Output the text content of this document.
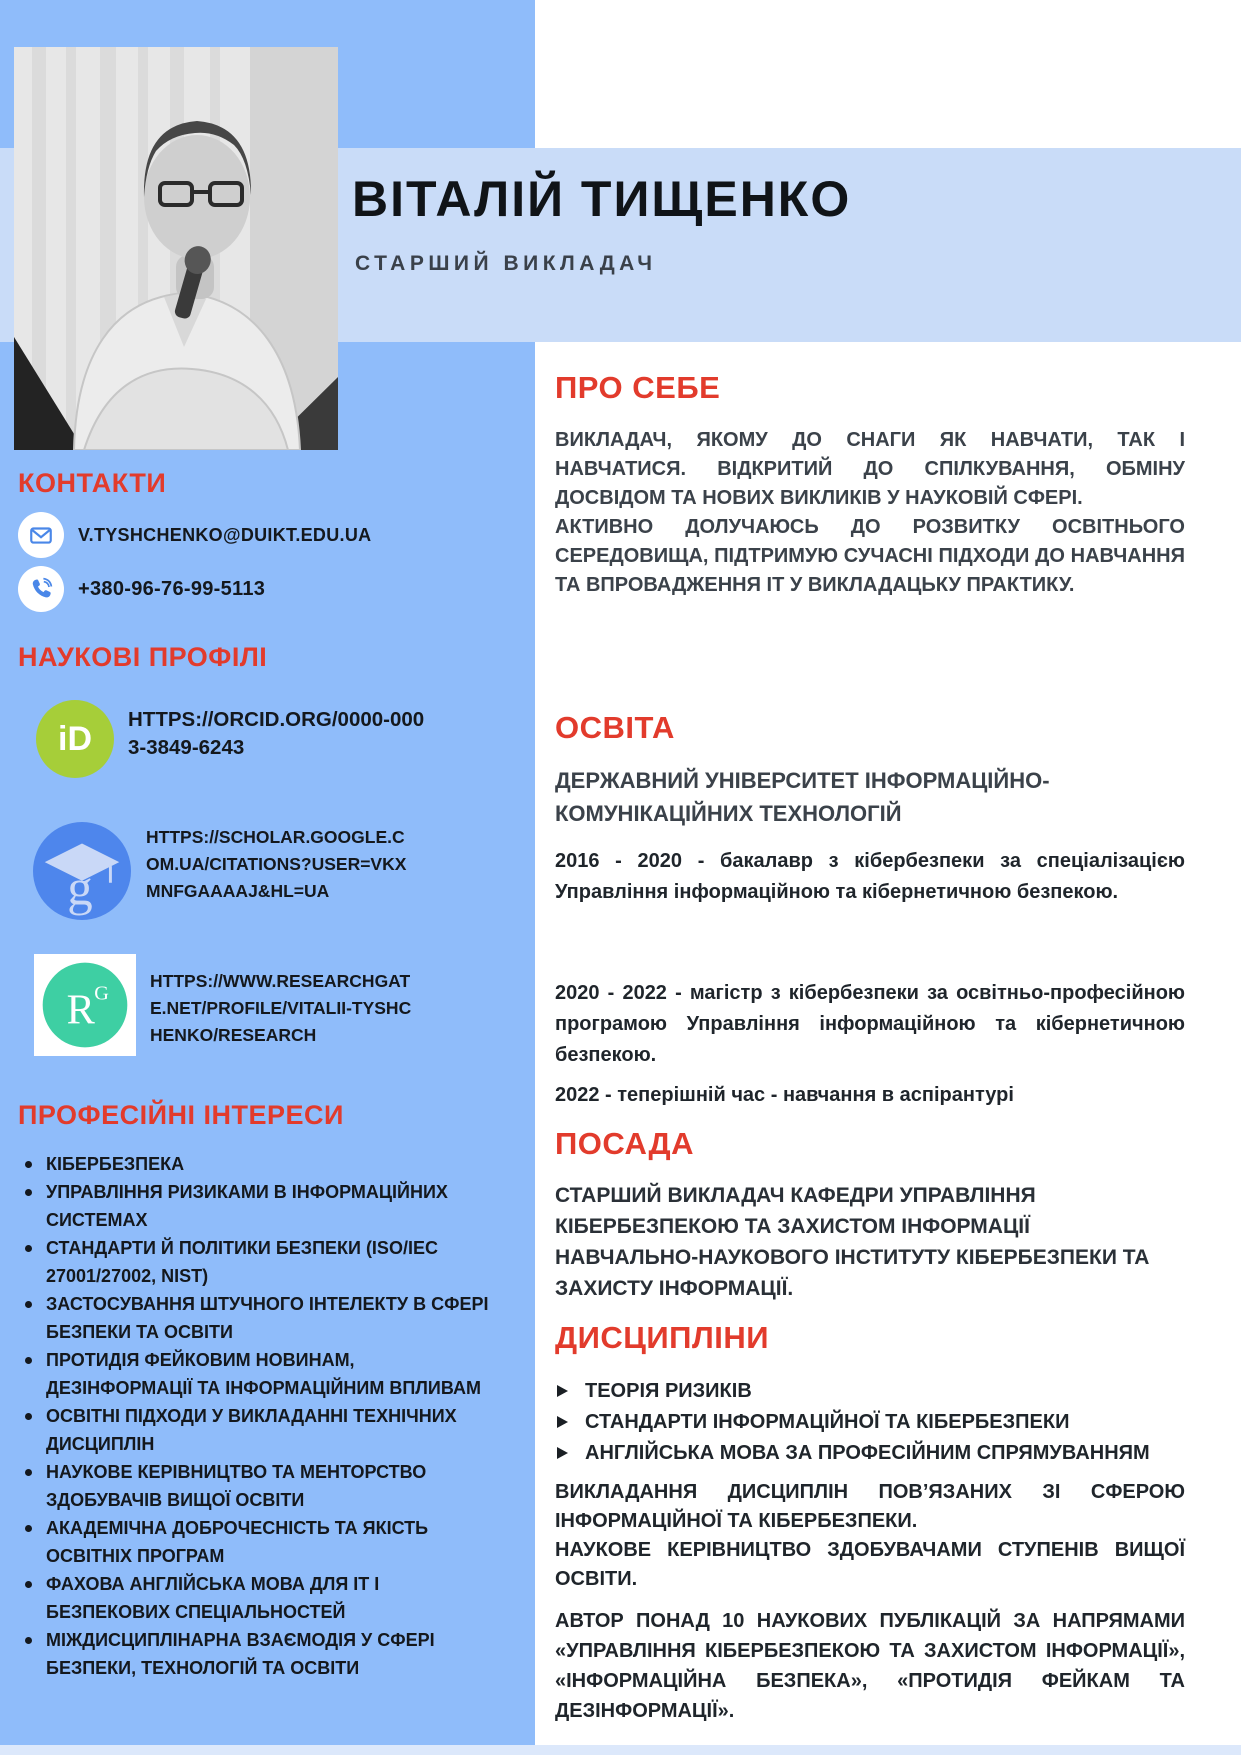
ВІТАЛІЙ ТИЩЕНКО
СТАРШИЙ ВИКЛАДАЧ
КОНТАКТИ
V.TYSHCHENKO@DUIKT.EDU.UA
+380-96-76-99-5113
НАУКОВІ ПРОФІЛІ
iD	HTTPS://ORCID.ORG/0000-0003-3849-6243
g
HTTPS://SCHOLAR.GOOGLE.COM.UA/CITATIONS?USER=VKXMNFGAAAAJ&HL=UA
R G
HTTPS://WWW.RESEARCHGATE.NET/PROFILE/VITALII-TYSHCHENKO/RESEARCH
ПРОФЕСІЙНІ ІНТЕРЕСИ
КІБЕРБЕЗПЕКА
УПРАВЛІННЯ РИЗИКАМИ В ІНФОРМАЦІЙНИХ СИСТЕМАХ
СТАНДАРТИ Й ПОЛІТИКИ БЕЗПЕКИ (ISO/IEC 27001/27002, NIST)
ЗАСТОСУВАННЯ ШТУЧНОГО ІНТЕЛЕКТУ В СФЕРІ БЕЗПЕКИ ТА ОСВІТИ
ПРОТИДІЯ ФЕЙКОВИМ НОВИНАМ, ДЕЗІНФОРМАЦІЇ ТА ІНФОРМАЦІЙНИМ ВПЛИВАМ
ОСВІТНІ ПІДХОДИ У ВИКЛАДАННІ ТЕХНІЧНИХ ДИСЦИПЛІН
НАУКОВЕ КЕРІВНИЦТВО ТА МЕНТОРСТВО ЗДОБУВАЧІВ ВИЩОЇ ОСВІТИ
АКАДЕМІЧНА ДОБРОЧЕСНІСТЬ ТА ЯКІСТЬ ОСВІТНІХ ПРОГРАМ
ФАХОВА АНГЛІЙСЬКА МОВА ДЛЯ ІТ І БЕЗПЕКОВИХ СПЕЦІАЛЬНОСТЕЙ
МІЖДИСЦИПЛІНАРНА ВЗАЄМОДІЯ У СФЕРІ БЕЗПЕКИ, ТЕХНОЛОГІЙ ТА ОСВІТИ
ПРО СЕБЕ

ВИКЛАДАЧ, ЯКОМУ ДО СНАГИ ЯК НАВЧАТИ, ТАК І НАВЧАТИСЯ. ВІДКРИТИЙ ДО СПІЛКУВАННЯ, ОБМІНУ ДОСВІДОМ ТА НОВИХ ВИКЛИКІВ У НАУКОВІЙ СФЕРІ.

АКТИВНО ДОЛУЧАЮСЬ ДО РОЗВИТКУ ОСВІТНЬОГО СЕРЕДОВИЩА, ПІДТРИМУЮ СУЧАСНІ ПІДХОДИ ДО НАВЧАННЯ ТА ВПРОВАДЖЕННЯ ІТ У ВИКЛАДАЦЬКУ ПРАКТИКУ.

ОСВІТА
ДЕРЖАВНИЙ УНІВЕРСИТЕТ ІНФОРМАЦІЙНО-КОМУНІКАЦІЙНИХ ТЕХНОЛОГІЙ

2016 - 2020 - бакалавр з кібербезпеки за спеціалізацією Управління інформаційною та кібернетичною безпекою.

2020 - 2022 - магістр з кібербезпеки за освітньо-професійною програмою Управління інформаційною та кібернетичною безпекою.

2022 - теперішній час - навчання в аспірантурі

ПОСАДА
СТАРШИЙ ВИКЛАДАЧ КАФЕДРИ УПРАВЛІННЯ КІБЕРБЕЗПЕКОЮ ТА ЗАХИСТОМ ІНФОРМАЦІЇ НАВЧАЛЬНО-НАУКОВОГО ІНСТИТУТУ КІБЕРБЕЗПЕКИ ТА ЗАХИСТУ ІНФОРМАЦІЇ.
ДИСЦИПЛІНИ
ТЕОРІЯ РИЗИКІВ
СТАНДАРТИ ІНФОРМАЦІЙНОЇ ТА КІБЕРБЕЗПЕКИ
АНГЛІЙСЬКА МОВА ЗА ПРОФЕСІЙНИМ СПРЯМУВАННЯМ

ВИКЛАДАННЯ ДИСЦИПЛІН ПОВ’ЯЗАНИХ ЗІ СФЕРОЮ ІНФОРМАЦІЙНОЇ ТА КІБЕРБЕЗПЕКИ.

НАУКОВЕ КЕРІВНИЦТВО ЗДОБУВАЧАМИ СТУПЕНІВ ВИЩОЇ ОСВІТИ.

АВТОР ПОНАД 10 НАУКОВИХ ПУБЛІКАЦІЙ ЗА НАПРЯМАМИ «УПРАВЛІННЯ КІБЕРБЕЗПЕКОЮ ТА ЗАХИСТОМ ІНФОРМАЦІЇ», «ІНФОРМАЦІЙНА БЕЗПЕКА», «ПРОТИДІЯ ФЕЙКАМ ТА ДЕЗІНФОРМАЦІЇ».
